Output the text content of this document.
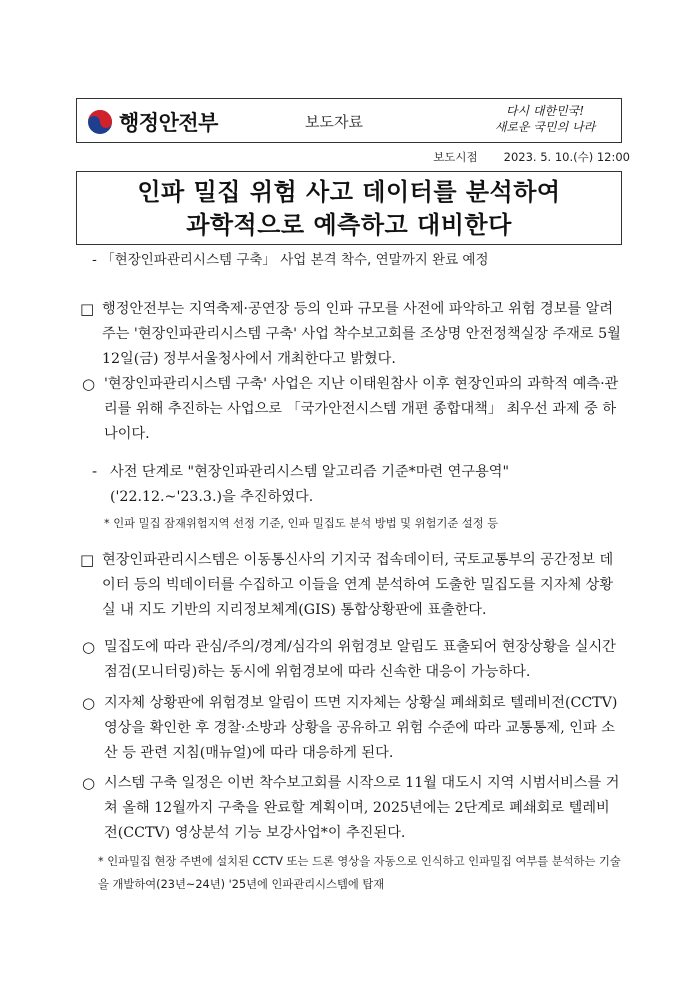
행정안전부	보도자료
다시 대한민국!
새로운 국민의 나라
보도시점 2023. 5. 10.(수) 12:00
인파 밀집 위험 사고 데이터를 분석하여
과학적으로 예측하고 대비한다
- 「현장인파관리시스템 구축」 사업 본격 착수, 연말까지 완료 예정
□ 행정안전부는 지역축제·공연장 등의 인파 규모를 사전에 파악하고 위험 경보를 알려주는 '현장인파관리시스템 구축' 사업 착수보고회를 조상명 안전정책실장 주재로 5월 12일(금) 정부서울청사에서 개최한다고 밝혔다.
○ '현장인파관리시스템 구축' 사업은 지난 이태원참사 이후 현장인파의 과학적 예측·관리를 위해 추진하는 사업으로 「국가안전시스템 개편 종합대책」 최우선 과제 중 하나이다.
- 사전 단계로 "현장인파관리시스템 알고리즘 기준*마련 연구용역" ('22.12.~'23.3.)을 추진하였다.
* 인파 밀집 잠재위험지역 선정 기준, 인파 밀집도 분석 방법 및 위험기준 설정 등
□ 현장인파관리시스템은 이동통신사의 기지국 접속데이터, 국토교통부의 공간정보 데이터 등의 빅데이터를 수집하고 이들을 연계 분석하여 도출한 밀집도를 지자체 상황실 내 지도 기반의 지리정보체계(GIS) 통합상황판에 표출한다.
○ 밀집도에 따라 관심/주의/경계/심각의 위험경보 알림도 표출되어 현장상황을 실시간 점검(모니터링)하는 동시에 위험경보에 따라 신속한 대응이 가능하다.
○ 지자체 상황판에 위험경보 알림이 뜨면 지자체는 상황실 폐쇄회로 텔레비전(CCTV) 영상을 확인한 후 경찰·소방과 상황을 공유하고 위험 수준에 따라 교통통제, 인파 소산 등 관련 지침(매뉴얼)에 따라 대응하게 된다.
○ 시스템 구축 일정은 이번 착수보고회를 시작으로 11월 대도시 지역 시범서비스를 거쳐 올해 12월까지 구축을 완료할 계획이며, 2025년에는 2단계로 폐쇄회로 텔레비전(CCTV) 영상분석 기능 보강사업*이 추진된다.
* 인파밀집 현장 주변에 설치된 CCTV 또는 드론 영상을 자동으로 인식하고 인파밀집 여부를 분석하는 기술을 개발하여(23년~24년) '25년에 인파관리시스템에 탑재
